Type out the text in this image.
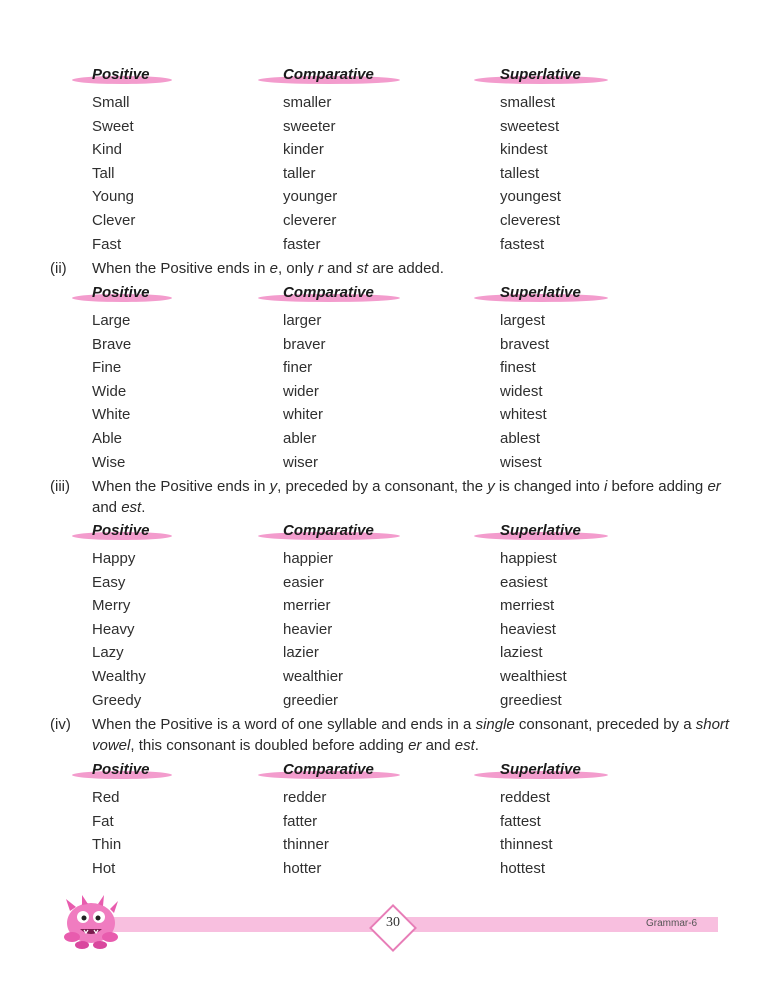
Positive	Comparative	Superlative
Small	smaller	smallest
Sweet	sweeter	sweetest
Kind	kinder	kindest
Tall	taller	tallest
Young	younger	youngest
Clever	cleverer	cleverest
Fast	faster	fastest
(ii) When the Positive ends in e, only r and st are added.
Positive	Comparative	Superlative
Large	larger	largest
Brave	braver	bravest
Fine	finer	finest
Wide	wider	widest
White	whiter	whitest
Able	abler	ablest
Wise	wiser	wisest
(iii) When the Positive ends in y, preceded by a consonant, the y is changed into i before adding er
and est.
Positive	Comparative	Superlative
Happy	happier	happiest
Easy	easier	easiest
Merry	merrier	merriest
Heavy	heavier	heaviest
Lazy	lazier	laziest
Wealthy	wealthier	wealthiest
Greedy	greedier	greediest
(iv) When the Positive is a word of one syllable and ends in a single consonant, preceded by a short
vowel, this consonant is doubled before adding er and est.
Positive	Comparative	Superlative
Red	redder	reddest
Fat	fatter	fattest
Thin	thinner	thinnest
Hot	hotter	hottest
30	Grammar-6
